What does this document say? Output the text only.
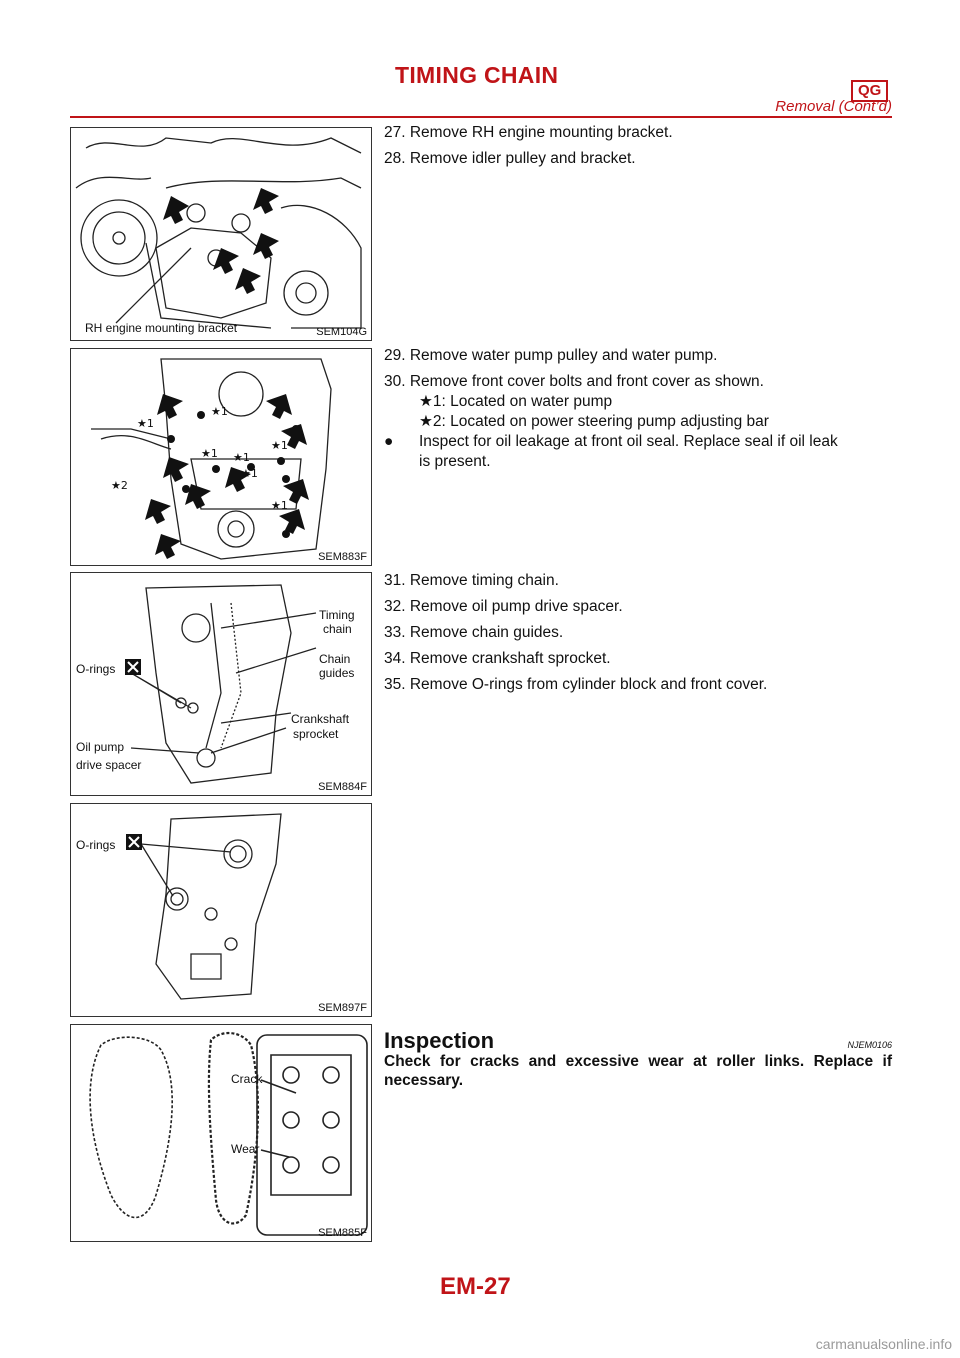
TIMING CHAIN
QG
Removal (Cont’d)
RH engine mounting bracket	SEM104G
★1
★1
★1 ★1
★1
★1
★1
★2
SEM883F
Timing
chain
O-rings
Chain
guides
Crankshaft
sprocket
Oil pump
drive spacer
SEM884F
O-rings
SEM897F
Crack
Wear
SEM885F
27. Remove RH engine mounting bracket.
28. Remove idler pulley and bracket.
29. Remove water pump pulley and water pump.
30. Remove front cover bolts and front cover as shown.
★1: Located on water pump
★2: Located on power steering pump adjusting bar
●	Inspect for oil leakage at front oil seal. Replace seal if oil leak
is present.
31. Remove timing chain.
32. Remove oil pump drive spacer.
33. Remove chain guides.
34. Remove crankshaft sprocket.
35. Remove O-rings from cylinder block and front cover.
Inspection	NJEM0106
Check for cracks and excessive wear at roller links. Replace if necessary.
EM-27
carmanualsonline.info
